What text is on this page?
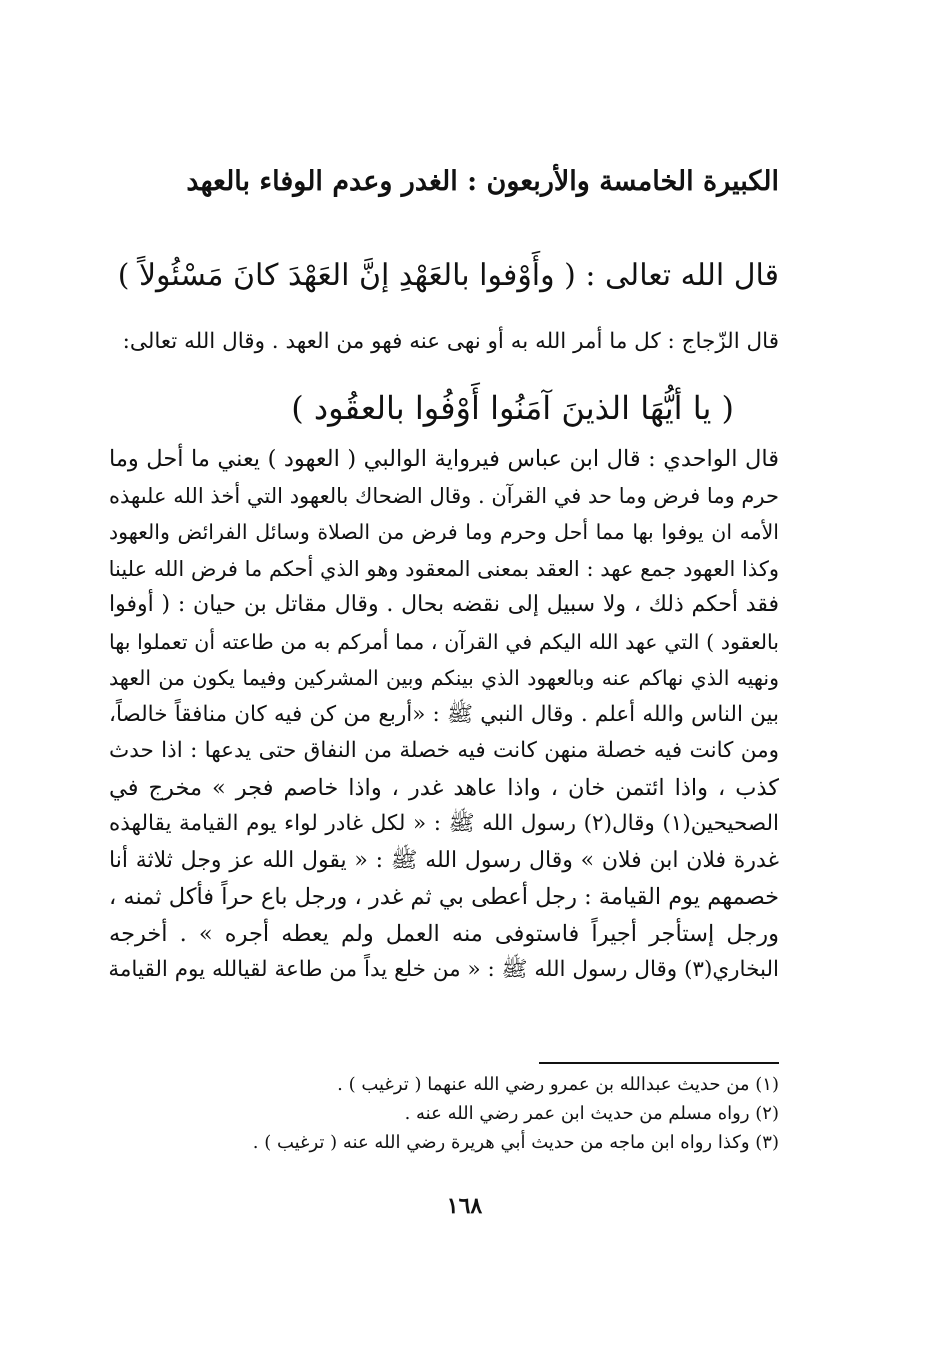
الكبيرة الخامسة والأربعون : الغدر وعدم الوفاء بالعهد
قال الله تعالى : ( وأَوْفوا بالعَهْدِ إنَّ العَهْدَ كانَ مَسْئُولاً )
قال الزّجاج : كل ما أمر الله به أو نهى عنه فهو من العهد . وقال الله تعالى:
( يا أيُّهَا الذينَ آمَنُوا أَوْفُوا بالعقُود )
قال الواحدي : قال ابن عباس فيرواية الوالبي ( العهود ) يعني ما أحل وما
حرم وما فرض وما حد في القرآن . وقال الضحاك بالعهود التي أخذ الله علىهذه
الأمه ان يوفوا بها مما أحل وحرم وما فرض من الصلاة وسائل الفرائض والعهود
وكذا العهود جمع عهد : العقد بمعنى المعقود وهو الذي أحكم ما فرض الله علينا
فقد أحكم ذلك ، ولا سبيل إلى نقضه بحال . وقال مقاتل بن حيان : ( أوفوا
بالعقود ) التي عهد الله اليكم في القرآن ، مما أمركم به من طاعته أن تعملوا بها
ونهيه الذي نهاكم عنه وبالعهود الذي بينكم وبين المشركين وفيما يكون من العهد
بين الناس والله أعلم . وقال النبي ﷺ : «أربع من كن فيه كان منافقاً خالصاً،
ومن كانت فيه خصلة منهن كانت فيه خصلة من النفاق حتى يدعها : اذا حدث
كذب ، واذا ائتمن خان ، واذا عاهد غدر ، واذا خاصم فجر » مخرج في
الصحيحين(١) وقال(٢) رسول الله ﷺ : « لكل غادر لواء يوم القيامة يقالهذه
غدرة فلان ابن فلان » وقال رسول الله ﷺ : « يقول الله عز وجل ثلاثة أنا
خصمهم يوم القيامة : رجل أعطى بي ثم غدر ، ورجل باع حراً فأكل ثمنه ،
ورجل إستأجر أجيراً فاستوفى منه العمل ولم يعطه أجره » . أخرجه
البخاري(٣) وقال رسول الله ﷺ : « من خلع يداً من طاعة لقيالله يوم القيامة
(١) من حديث عبدالله بن عمرو رضي الله عنهما ( ترغيب ) .
(٢) رواه مسلم من حديث ابن عمر رضي الله عنه .
(٣) وكذا رواه ابن ماجه من حديث أبي هريرة رضي الله عنه ( ترغيب ) .
١٦٨
